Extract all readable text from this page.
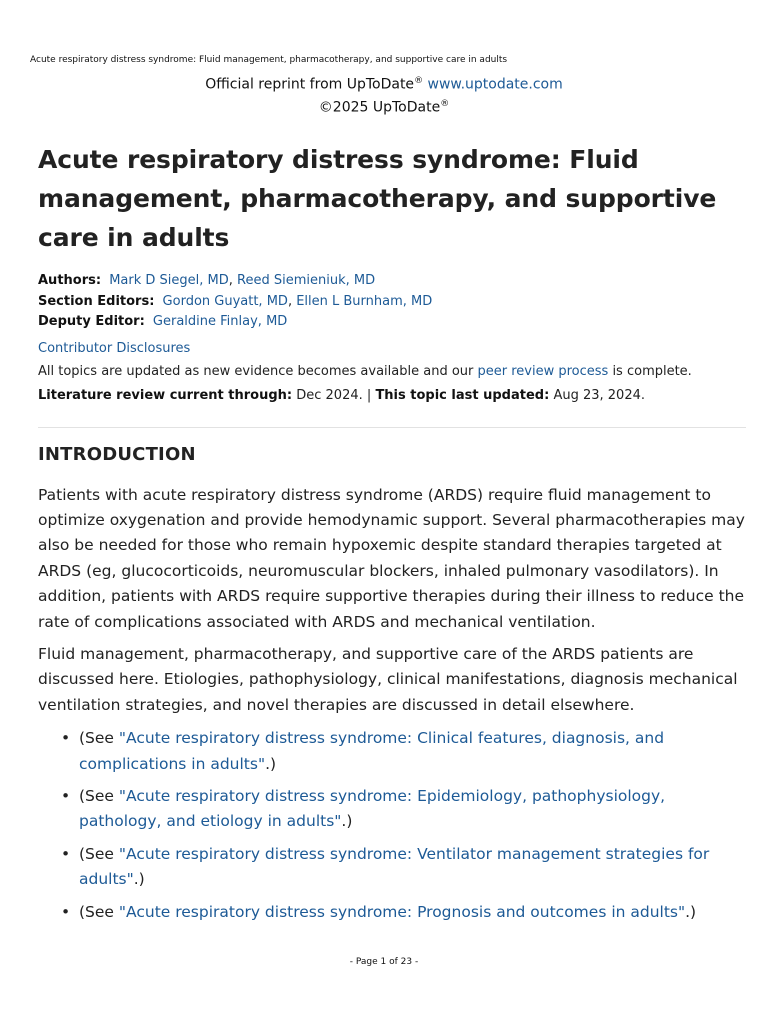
Acute respiratory distress syndrome: Fluid management, pharmacotherapy, and supportive care in adults
Official reprint from UpToDate® www.uptodate.com
©2025 UpToDate®
Acute respiratory distress syndrome: Fluid management, pharmacotherapy, and supportive care in adults
Authors: Mark D Siegel, MD, Reed Siemieniuk, MD
Section Editors: Gordon Guyatt, MD, Ellen L Burnham, MD
Deputy Editor: Geraldine Finlay, MD
Contributor Disclosures
All topics are updated as new evidence becomes available and our peer review process is complete.
Literature review current through: Dec 2024. | This topic last updated: Aug 23, 2024.
INTRODUCTION

Patients with acute respiratory distress syndrome (ARDS) require fluid management to optimize oxygenation and provide hemodynamic support. Several pharmacotherapies may also be needed for those who remain hypoxemic despite standard therapies targeted at ARDS (eg, glucocorticoids, neuromuscular blockers, inhaled pulmonary vasodilators). In addition, patients with ARDS require supportive therapies during their illness to reduce the rate of complications associated with ARDS and mechanical ventilation.

Fluid management, pharmacotherapy, and supportive care of the ARDS patients are discussed here. Etiologies, pathophysiology, clinical manifestations, diagnosis mechanical ventilation strategies, and novel therapies are discussed in detail elsewhere.

• (See "Acute respiratory distress syndrome: Clinical features, diagnosis, and complications in adults".)
• (See "Acute respiratory distress syndrome: Epidemiology, pathophysiology, pathology, and etiology in adults".)
• (See "Acute respiratory distress syndrome: Ventilator management strategies for adults".)
• (See "Acute respiratory distress syndrome: Prognosis and outcomes in adults".)
- Page 1 of 23 -
